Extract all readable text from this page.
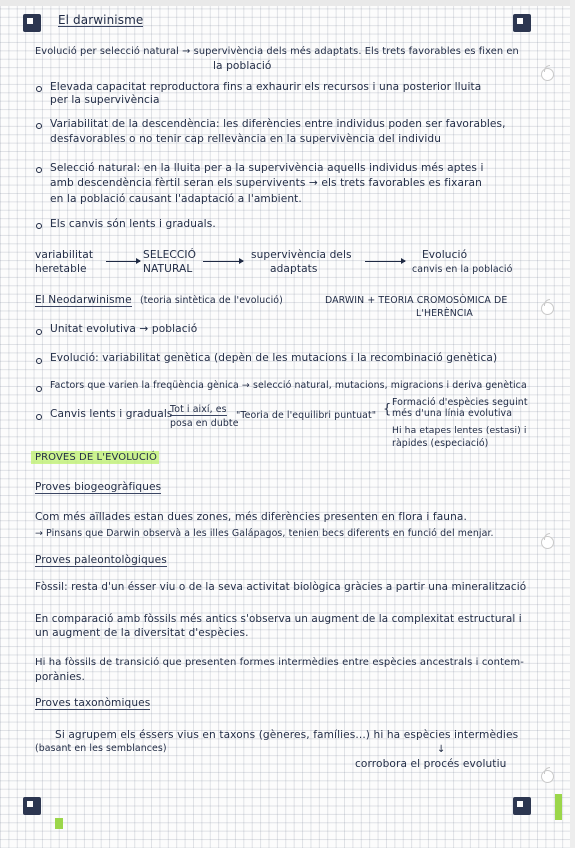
El darwinisme
Evolució per selecció natural → supervivència dels més adaptats. Els trets favorables es fixen en
la població
Elevada capacitat reproductora fins a exhaurir els recursos i una posterior lluita
per la supervivència
Variabilitat de la descendència: les diferències entre individus poden ser favorables,
desfavorables o no tenir cap rellevància en la supervivència del individu
Selecció natural: en la lluita per a la supervivència aquells individus més aptes i
amb descendència fèrtil seran els supervivents → els trets favorables es fixaran
en la població causant l'adaptació a l'ambient.
Els canvis són lents i graduals.
variabilitat
heretable
SELECCIÓ
NATURAL
supervivència dels
adaptats
Evolució
canvis en la població
El Neodarwinisme (teoria sintètica de l'evolució)	DARWIN + TEORIA CROMOSÒMICA DE
L'HERÈNCIA
Unitat evolutiva → població
Evolució: variabilitat genètica (depèn de les mutacions i la recombinació genètica)
Factors que varien la freqüència gènica → selecció natural, mutacions, migracions i deriva genètica
Canvis lents i graduals
Tot i així, es
posa en dubte
"Teoria de l'equilibri puntuat" { Formació d'espècies seguint
més d'una línia evolutiva
Hi ha etapes lentes (estasi) i
ràpides (especiació)
PROVES DE L'EVOLUCIÓ
Proves biogeogràfiques
Com més aïllades estan dues zones, més diferències presenten en flora i fauna.
→ Pinsans que Darwin observà a les illes Galápagos, tenien becs diferents en funció del menjar.
Proves paleontològiques
Fòssil: resta d'un ésser viu o de la seva activitat biològica gràcies a partir una mineralització
En comparació amb fòssils més antics s'observa un augment de la complexitat estructural i
un augment de la diversitat d'espècies.
Hi ha fòssils de transició que presenten formes intermèdies entre espècies ancestrals i contem-
porànies.
Proves taxonòmiques
Si agrupem els éssers vius en taxons (gèneres, famílies...) hi ha espècies intermèdies
(basant en les semblances)	↓
corrobora el procés evolutiu
